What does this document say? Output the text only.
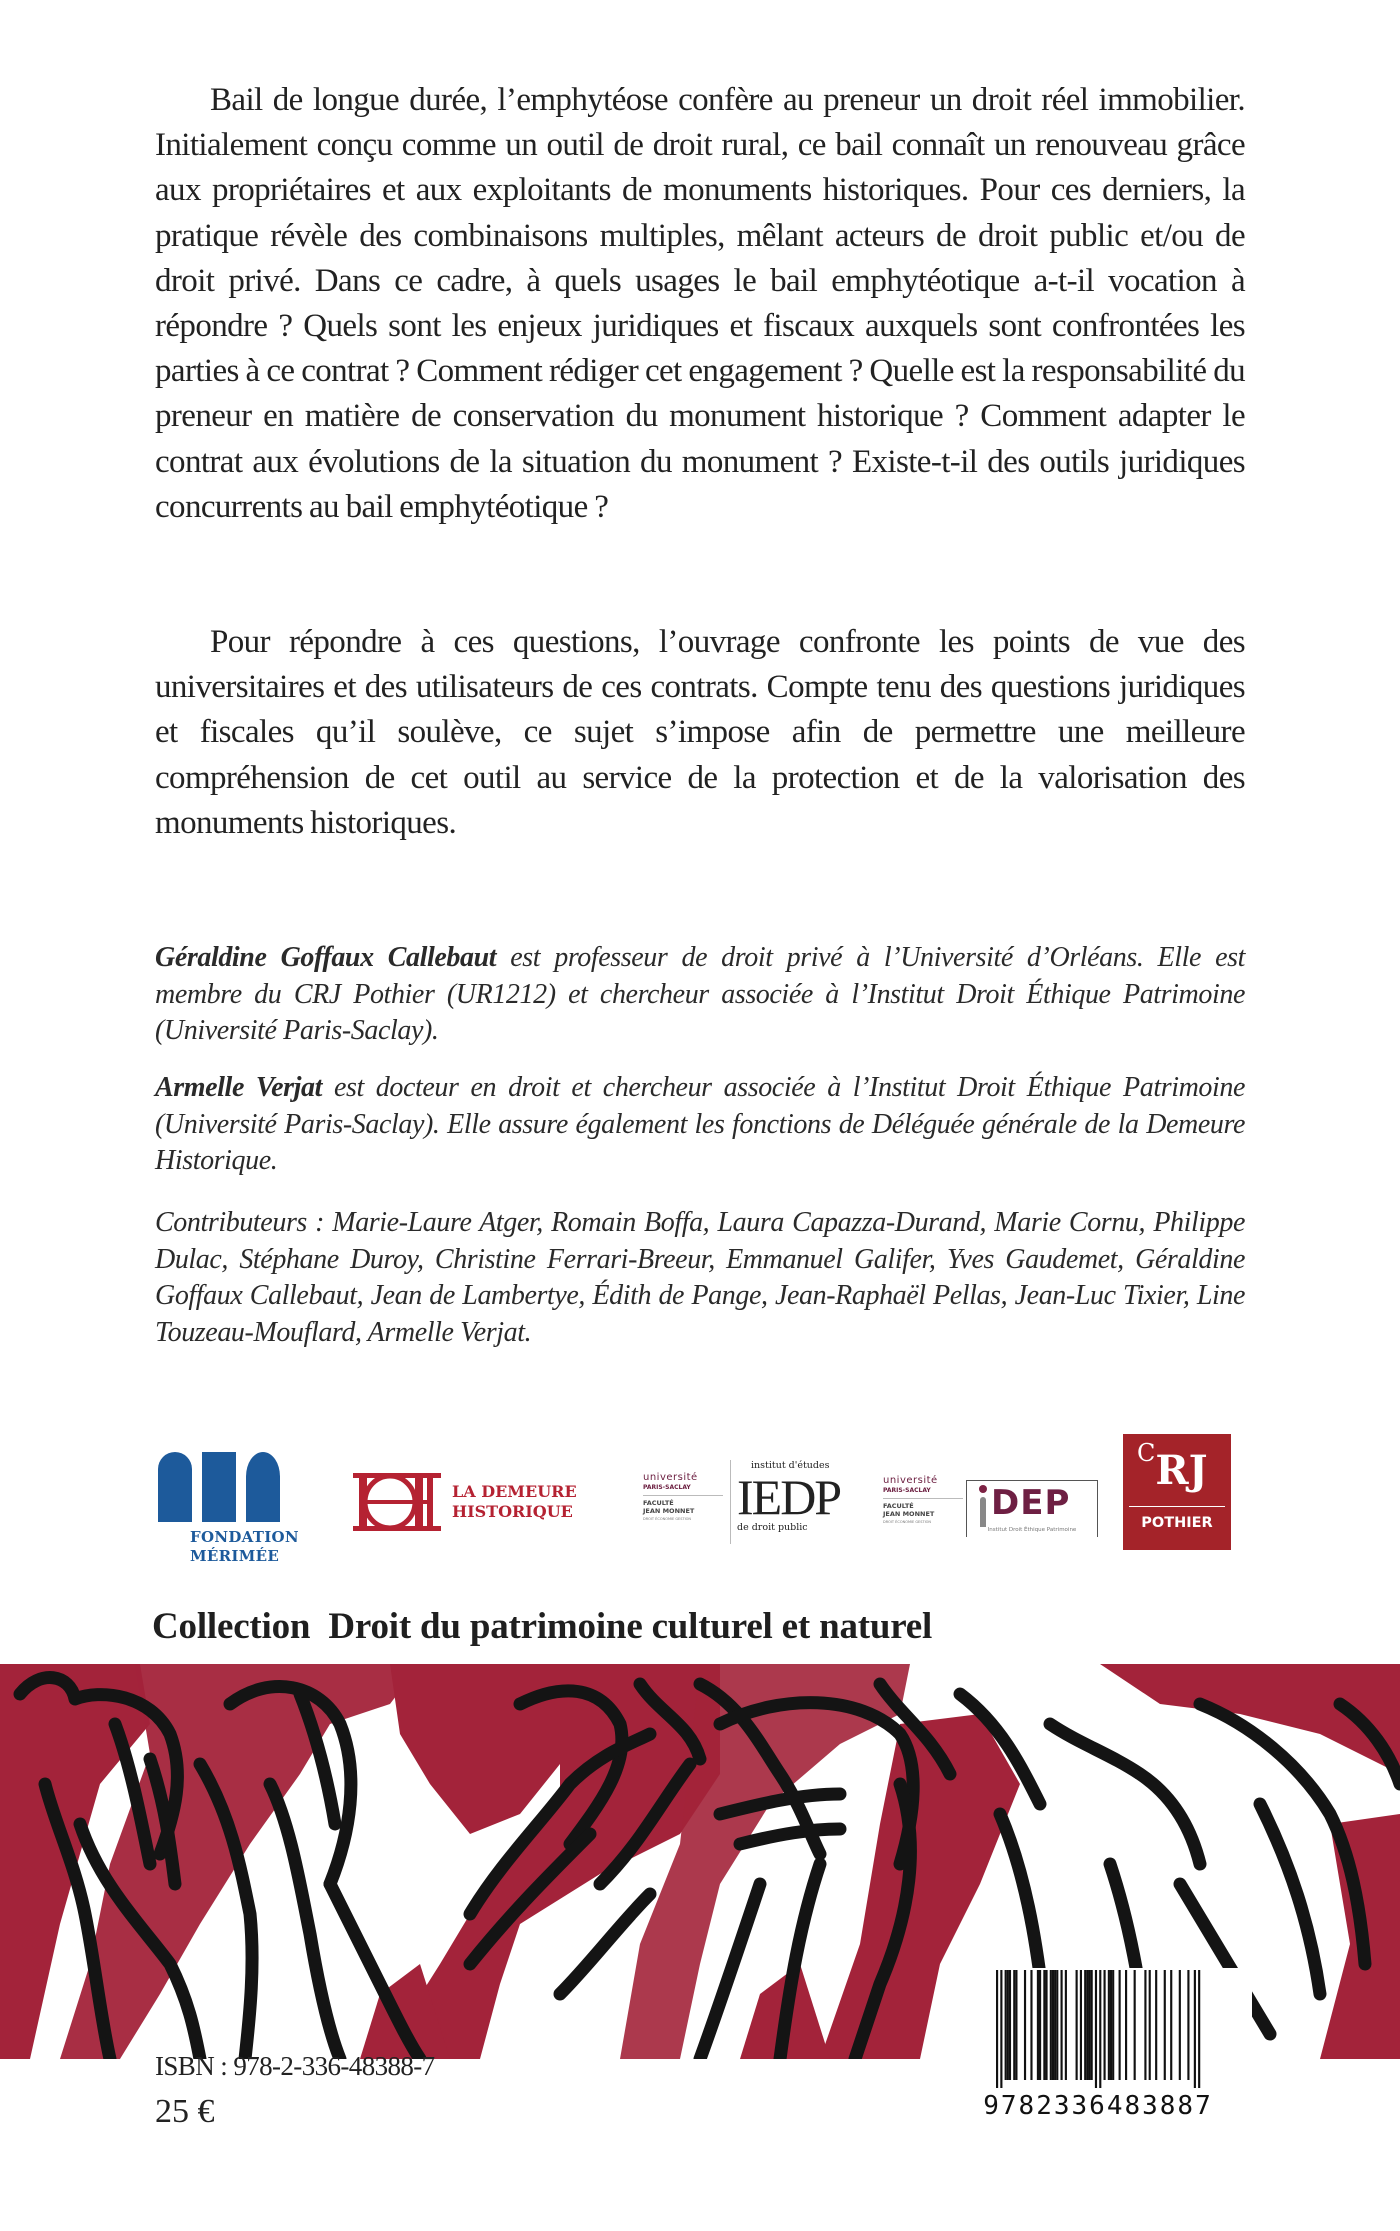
Bail de longue durée, l’emphytéose confère au preneur un droit réel immobilier. Initialement conçu comme un outil de droit rural, ce bail connaît un renouveau grâce aux propriétaires et aux exploitants de monuments historiques. Pour ces derniers, la pratique révèle des combinaisons multiples, mêlant acteurs de droit public et/ou de droit privé. Dans ce cadre, à quels usages le bail emphytéotique a-t-il vocation à répondre ? Quels sont les enjeux juridiques et fiscaux auxquels sont confrontées les parties à ce contrat ? Comment rédiger cet engagement ? Quelle est la responsabilité du preneur en matière de conservation du monument historique ? Comment adapter le contrat aux évolutions de la situation du monument ? Existe-t-il des outils juridiques concurrents au bail emphytéotique ?

Pour répondre à ces questions, l’ouvrage confronte les points de vue des universitaires et des utilisateurs de ces contrats. Compte tenu des questions juridiques et fiscales qu’il soulève, ce sujet s’impose afin de permettre une meilleure compréhension de cet outil au service de la protection et de la valorisation des monuments historiques.

Géraldine Goffaux Callebaut est professeur de droit privé à l’Université d’Orléans. Elle est membre du CRJ Pothier (UR1212) et chercheur associée à l’Institut Droit Éthique Patrimoine (Université Paris-Saclay).

Armelle Verjat est docteur en droit et chercheur associée à l’Institut Droit Éthique Patrimoine (Université Paris-Saclay). Elle assure également les fonctions de Déléguée générale de la Demeure Historique.

Contributeurs : Marie-Laure Atger, Romain Boffa, Laura Capazza-Durand, Marie Cornu, Philippe Dulac, Stéphane Duroy, Christine Ferrari-Breeur, Emmanuel Galifer, Yves Gaudemet, Géraldine Goffaux Callebaut, Jean de Lambertye, Édith de Pange, Jean-Raphaël Pellas, Jean-Luc Tixier, Line Touzeau-Mouflard, Armelle Verjat.

FONDATION
MÉRIMÉE
LA DEMEURE
HISTORIQUE
université
PARIS-SACLAY
FACULTÉ
JEAN MONNET
DROIT ÉCONOMIE GESTION
institut d'études
IEDP
de droit public
université
PARIS-SACLAY
FACULTÉ
JEAN MONNET
DROIT ÉCONOMIE GESTION	DEP
Institut Droit Éthique Patrimoine
C RJ
POTHIER
Collection  Droit du patrimoine culturel et naturel
9782336483887
ISBN : 978-2-336-48388-7
25 €
